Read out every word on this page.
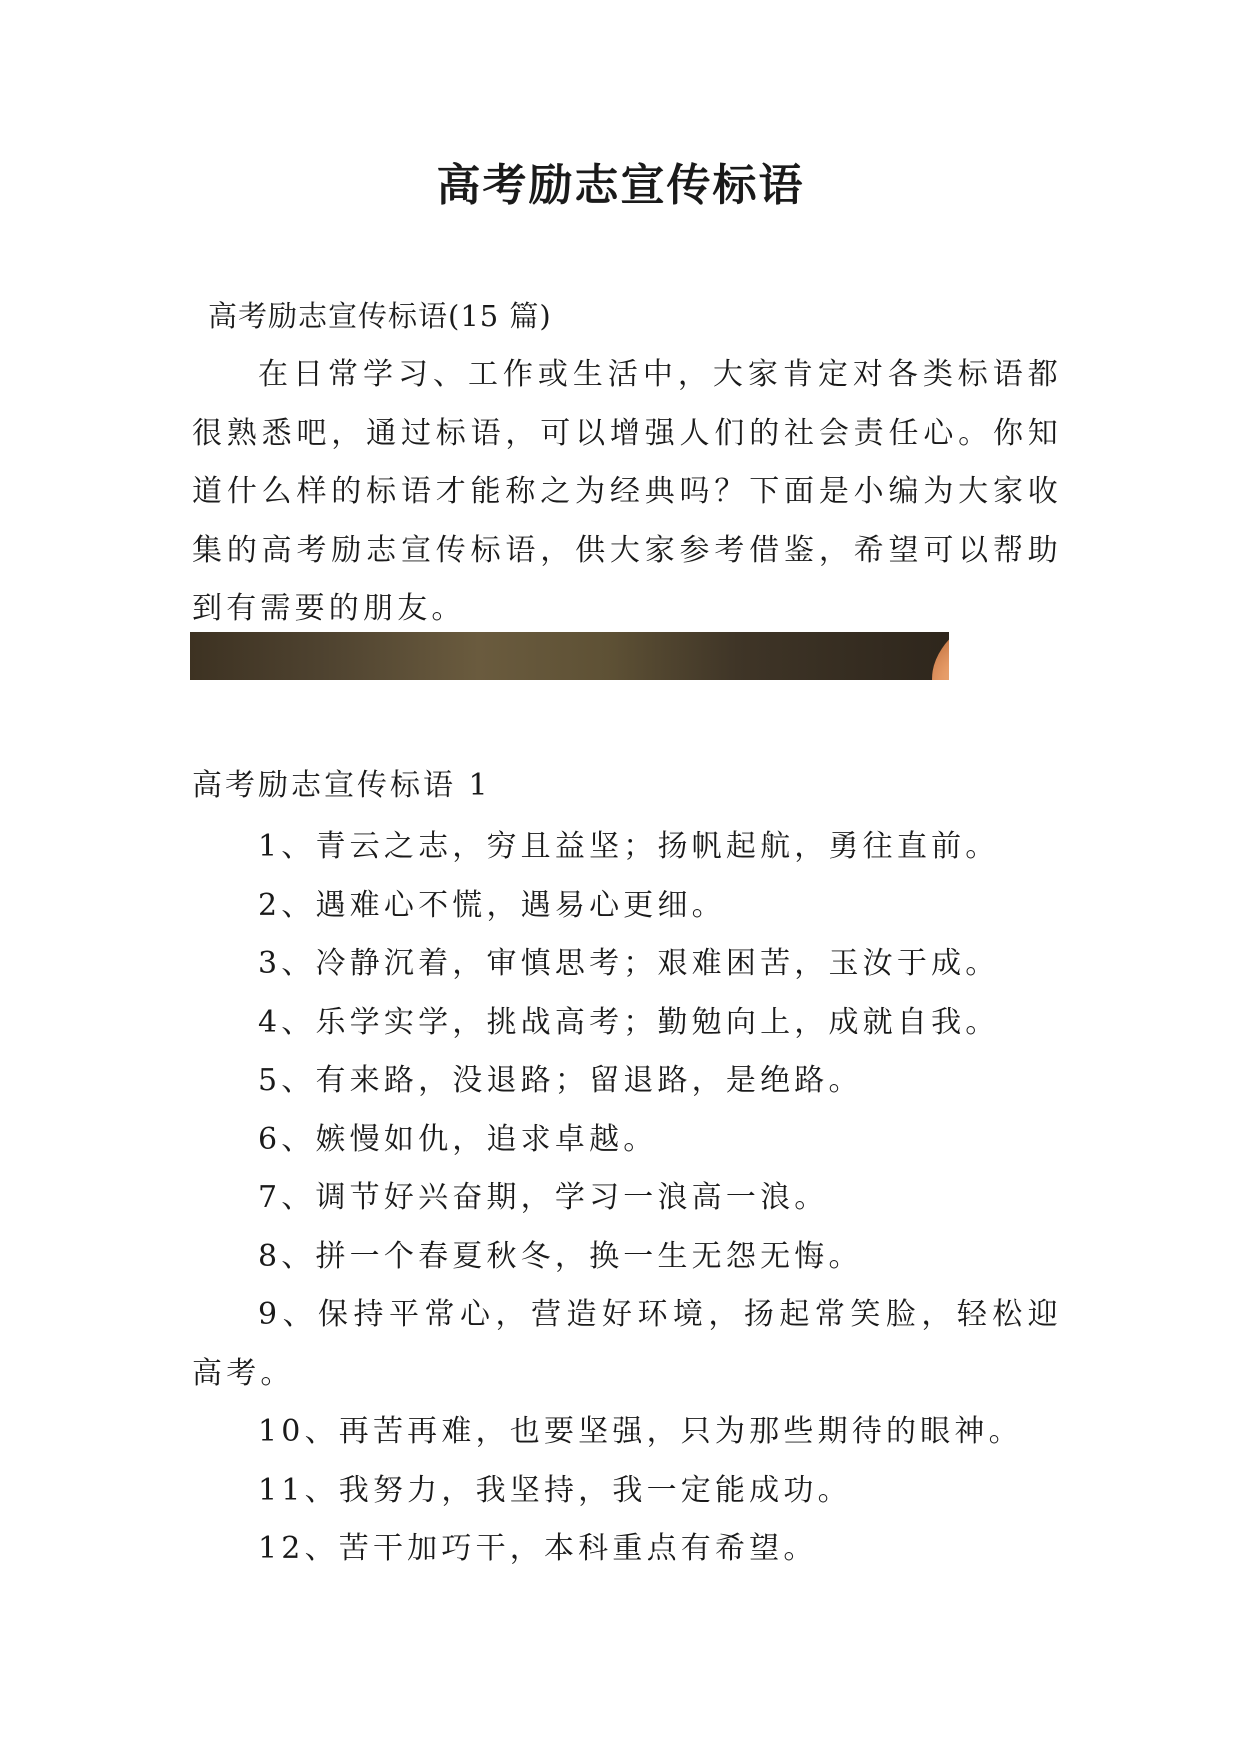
高考励志宣传标语
高考励志宣传标语(15 篇)
在日常学习、工作或生活中，大家肯定对各类标语都很熟悉吧，通过标语，可以增强人们的社会责任心。你知道什么样的标语才能称之为经典吗？下面是小编为大家收集的高考励志宣传标语，供大家参考借鉴，希望可以帮助到有需要的朋友。
高考励志宣传标语 1
1、青云之志，穷且益坚；扬帆起航，勇往直前。
2、遇难心不慌，遇易心更细。
3、冷静沉着，审慎思考；艰难困苦，玉汝于成。
4、乐学实学，挑战高考；勤勉向上，成就自我。
5、有来路，没退路；留退路，是绝路。
6、嫉慢如仇，追求卓越。
7、调节好兴奋期，学习一浪高一浪。
8、拼一个春夏秋冬，换一生无怨无悔。
9、保持平常心，营造好环境，扬起常笑脸，轻松迎高考。
10、再苦再难，也要坚强，只为那些期待的眼神。
11、我努力，我坚持，我一定能成功。
12、苦干加巧干，本科重点有希望。
